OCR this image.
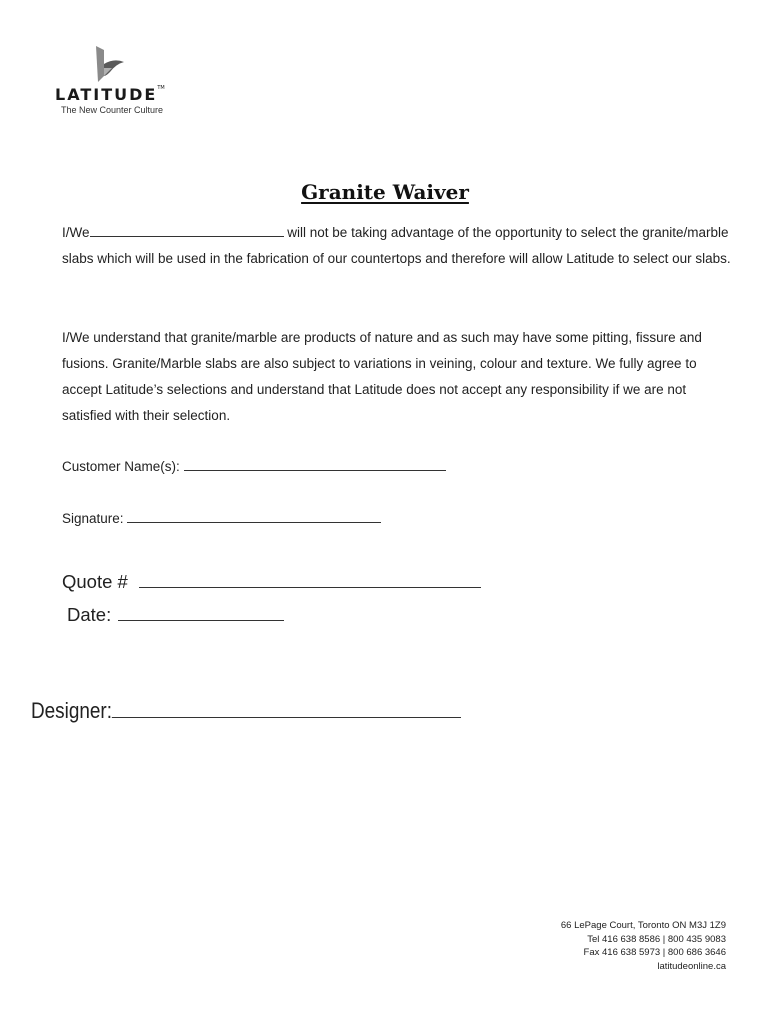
LATITUDE™
The New Counter Culture
Granite Waiver

I/We	will not be taking advantage of the opportunity to select the granite/marble slabs which will be used in the fabrication of our countertops and therefore will allow Latitude to select our slabs.

I/We understand that granite/marble are products of nature and as such may have some pitting, fissure and fusions. Granite/Marble slabs are also subject to variations in veining, colour and texture. We fully agree to accept Latitude’s selections and understand that Latitude does not accept any responsibility if we are not satisfied with their selection.

Customer Name(s):
Signature:
Quote #
Date:
Designer:
66 LePage Court, Toronto ON M3J 1Z9
Tel 416 638 8586 | 800 435 9083
Fax 416 638 5973 | 800 686 3646
latitudeonline.ca
